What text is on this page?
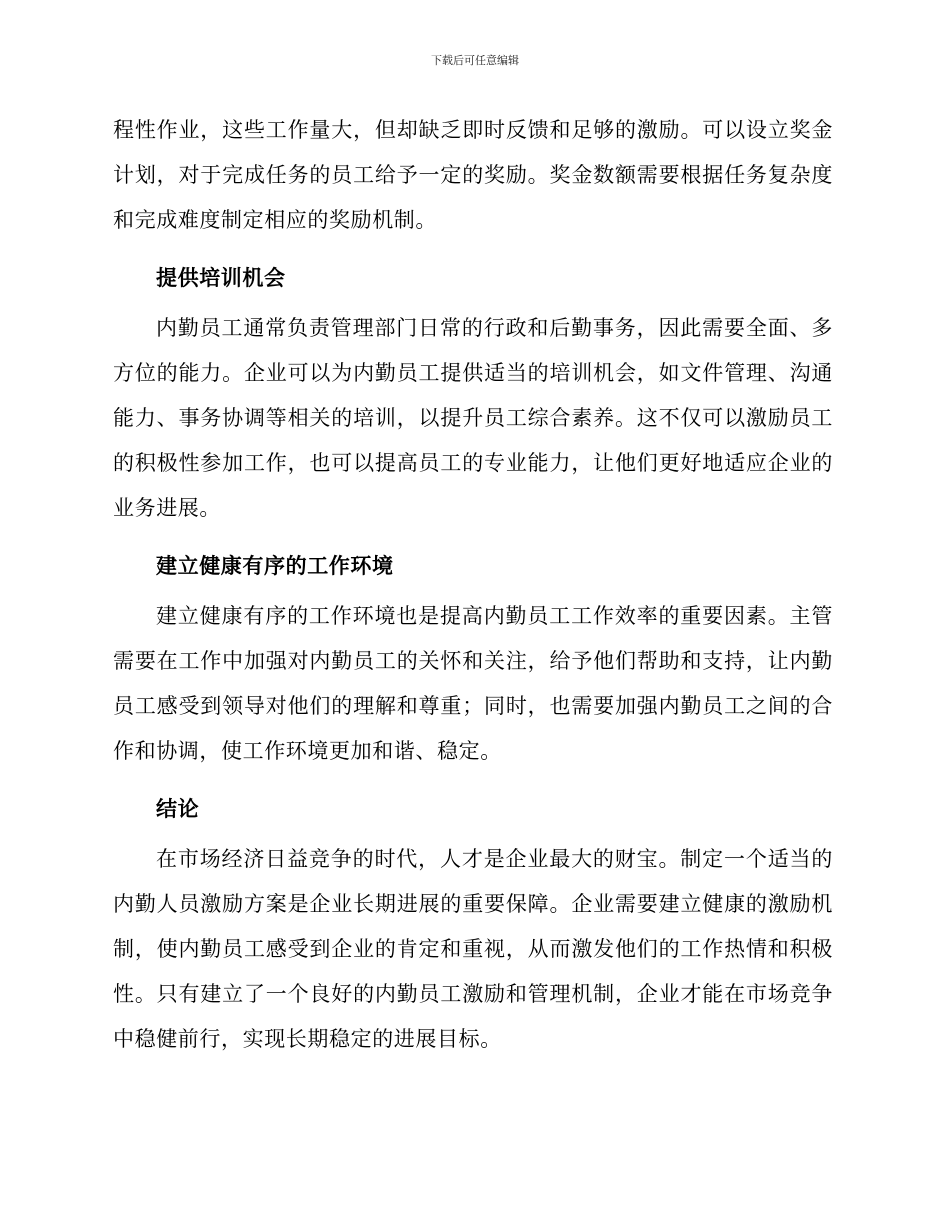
下载后可任意编辑

程性作业，这些工作量大，但却缺乏即时反馈和足够的激励。可以设立奖金计划，对于完成任务的员工给予一定的奖励。奖金数额需要根据任务复杂度和完成难度制定相应的奖励机制。

提供培训机会

内勤员工通常负责管理部门日常的行政和后勤事务，因此需要全面、多方位的能力。企业可以为内勤员工提供适当的培训机会，如文件管理、沟通能力、事务协调等相关的培训，以提升员工综合素养。这不仅可以激励员工的积极性参加工作，也可以提高员工的专业能力，让他们更好地适应企业的业务进展。

建立健康有序的工作环境

建立健康有序的工作环境也是提高内勤员工工作效率的重要因素。主管需要在工作中加强对内勤员工的关怀和关注，给予他们帮助和支持，让内勤员工感受到领导对他们的理解和尊重；同时，也需要加强内勤员工之间的合作和协调，使工作环境更加和谐、稳定。

结论

在市场经济日益竞争的时代，人才是企业最大的财宝。制定一个适当的内勤人员激励方案是企业长期进展的重要保障。企业需要建立健康的激励机制，使内勤员工感受到企业的肯定和重视，从而激发他们的工作热情和积极性。只有建立了一个良好的内勤员工激励和管理机制，企业才能在市场竞争中稳健前行，实现长期稳定的进展目标。
